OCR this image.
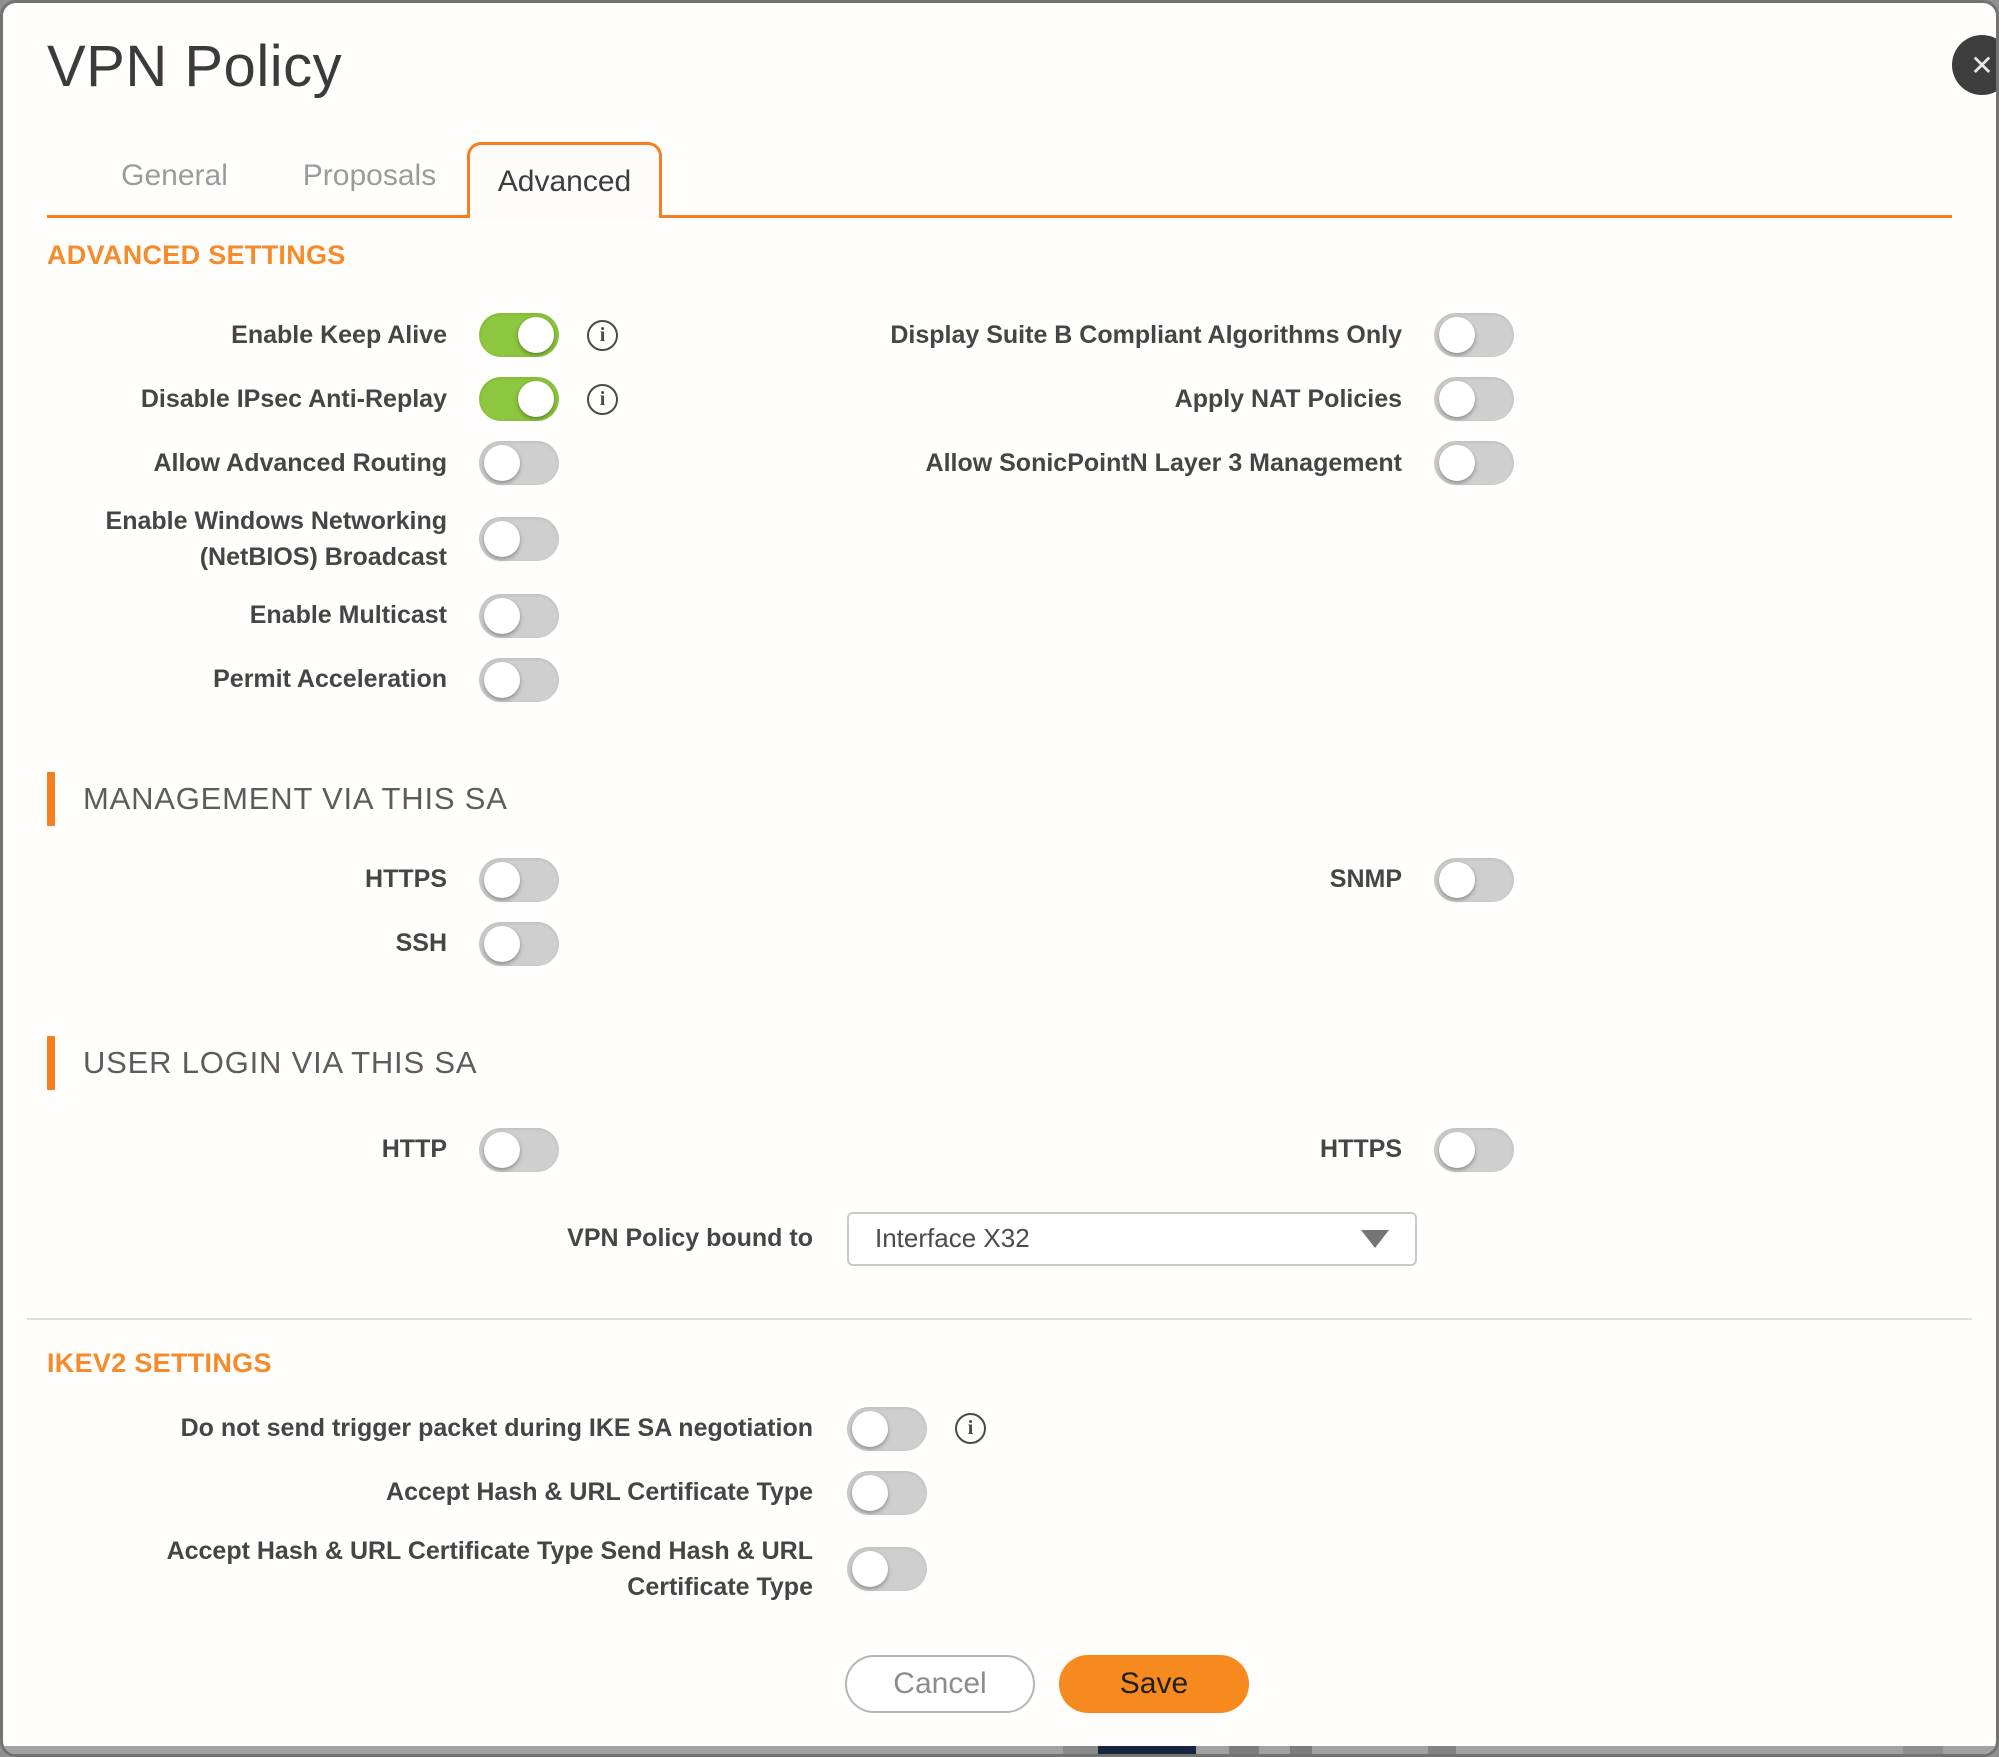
✕
VPN Policy
General	Proposals	Advanced
ADVANCED SETTINGS
Enable Keep Alive	i
Disable IPsec Anti-Replay	i
Allow Advanced Routing
Enable Windows Networking (NetBIOS) Broadcast
Enable Multicast
Permit Acceleration
Display Suite B Compliant Algorithms Only
Apply NAT Policies
Allow SonicPointN Layer 3 Management
MANAGEMENT VIA THIS SA
HTTPS
SSH
SNMP
USER LOGIN VIA THIS SA
HTTP	HTTPS
VPN Policy bound to Interface X32
IKEV2 SETTINGS
Do not send trigger packet during IKE SA negotiation	i
Accept Hash & URL Certificate Type
Accept Hash & URL Certificate Type Send Hash & URL Certificate Type
Cancel	Save
